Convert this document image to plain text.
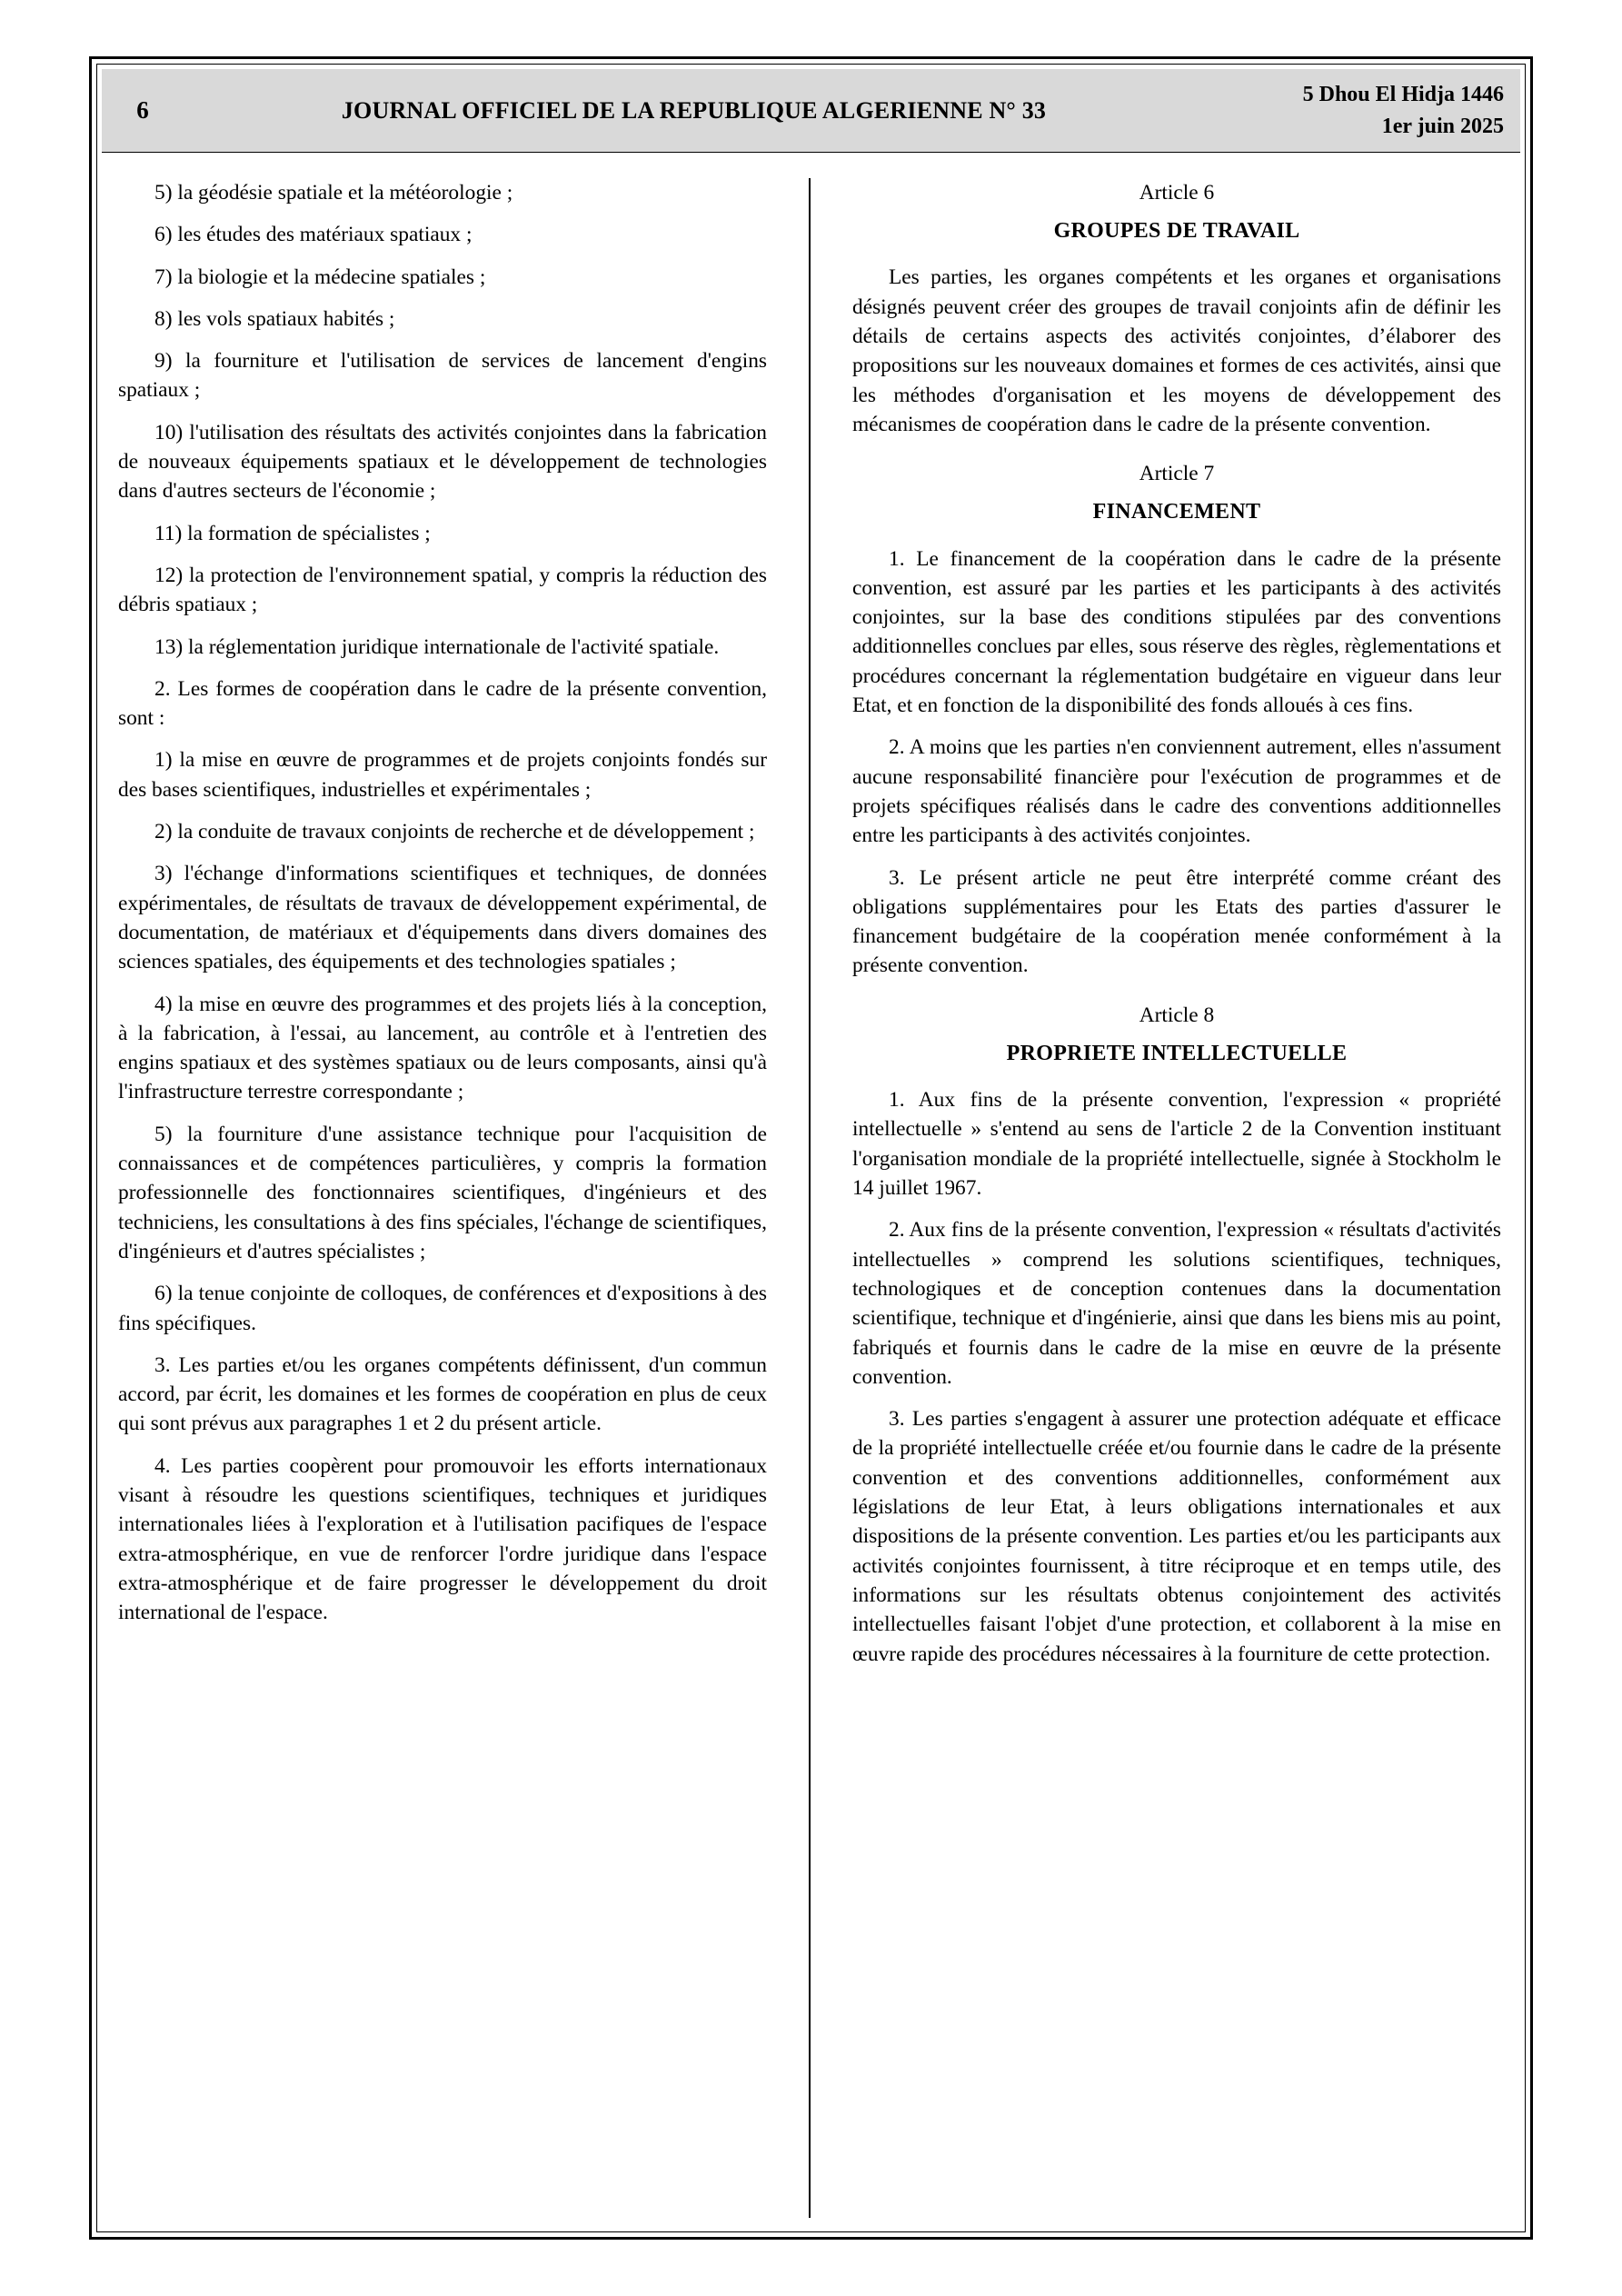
6	JOURNAL OFFICIEL DE LA REPUBLIQUE ALGERIENNE N° 33
5 Dhou El Hidja 1446
1er juin 2025

5) la géodésie spatiale et la météorologie ;

6) les études des matériaux spatiaux ;

7) la biologie et la médecine spatiales ;

8) les vols spatiaux habités ;

9) la fourniture et l'utilisation de services de lancement d'engins spatiaux ;

10) l'utilisation des résultats des activités conjointes dans la fabrication de nouveaux équipements spatiaux et le développement de technologies dans d'autres secteurs de l'économie ;

11) la formation de spécialistes ;

12) la protection de l'environnement spatial, y compris la réduction des débris spatiaux ;

13) la réglementation juridique internationale de l'activité spatiale.

2. Les formes de coopération dans le cadre de la présente convention, sont :

1) la mise en œuvre de programmes et de projets conjoints fondés sur des bases scientifiques, industrielles et expérimentales ;

2) la conduite de travaux conjoints de recherche et de développement ;

3) l'échange d'informations scientifiques et techniques, de données expérimentales, de résultats de travaux de développement expérimental, de documentation, de matériaux et d'équipements dans divers domaines des sciences spatiales, des équipements et des technologies spatiales ;

4) la mise en œuvre des programmes et des projets liés à la conception, à la fabrication, à l'essai, au lancement, au contrôle et à l'entretien des engins spatiaux et des systèmes spatiaux ou de leurs composants, ainsi qu'à l'infrastructure terrestre correspondante ;

5) la fourniture d'une assistance technique pour l'acquisition de connaissances et de compétences particulières, y compris la formation professionnelle des fonctionnaires scientifiques, d'ingénieurs et des techniciens, les consultations à des fins spéciales, l'échange de scientifiques, d'ingénieurs et d'autres spécialistes ;

6) la tenue conjointe de colloques, de conférences et d'expositions à des fins spécifiques.

3. Les parties et/ou les organes compétents définissent, d'un commun accord, par écrit, les domaines et les formes de coopération en plus de ceux qui sont prévus aux paragraphes 1 et 2 du présent article.

4. Les parties coopèrent pour promouvoir les efforts internationaux visant à résoudre les questions scientifiques, techniques et juridiques internationales liées à l'exploration et à l'utilisation pacifiques de l'espace extra-atmosphérique, en vue de renforcer l'ordre juridique dans l'espace extra-atmosphérique et de faire progresser le développement du droit international de l'espace.

Article 6

GROUPES DE TRAVAIL

Les parties, les organes compétents et les organes et organisations désignés peuvent créer des groupes de travail conjoints afin de définir les détails de certains aspects des activités conjointes, d’élaborer des propositions sur les nouveaux domaines et formes de ces activités, ainsi que les méthodes d'organisation et les moyens de développement des mécanismes de coopération dans le cadre de la présente convention.

Article 7

FINANCEMENT

1. Le financement de la coopération dans le cadre de la présente convention, est assuré par les parties et les participants à des activités conjointes, sur la base des conditions stipulées par des conventions additionnelles conclues par elles, sous réserve des règles, règlementations et procédures concernant la réglementation budgétaire en vigueur dans leur Etat, et en fonction de la disponibilité des fonds alloués à ces fins.

2. A moins que les parties n'en conviennent autrement, elles n'assument aucune responsabilité financière pour l'exécution de programmes et de projets spécifiques réalisés dans le cadre des conventions additionnelles entre les participants à des activités conjointes.

3. Le présent article ne peut être interprété comme créant des obligations supplémentaires pour les Etats des parties d'assurer le financement budgétaire de la coopération menée conformément à la présente convention.

Article 8

PROPRIETE INTELLECTUELLE

1. Aux fins de la présente convention, l'expression « propriété intellectuelle » s'entend au sens de l'article 2 de la Convention instituant l'organisation mondiale de la propriété intellectuelle, signée à Stockholm le 14 juillet 1967.

2. Aux fins de la présente convention, l'expression « résultats d'activités intellectuelles » comprend les solutions scientifiques, techniques, technologiques et de conception contenues dans la documentation scientifique, technique et d'ingénierie, ainsi que dans les biens mis au point, fabriqués et fournis dans le cadre de la mise en œuvre de la présente convention.

3. Les parties s'engagent à assurer une protection adéquate et efficace de la propriété intellectuelle créée et/ou fournie dans le cadre de la présente convention et des conventions additionnelles, conformément aux législations de leur Etat, à leurs obligations internationales et aux dispositions de la présente convention. Les parties et/ou les participants aux activités conjointes fournissent, à titre réciproque et en temps utile, des informations sur les résultats obtenus conjointement des activités intellectuelles faisant l'objet d'une protection, et collaborent à la mise en œuvre rapide des procédures nécessaires à la fourniture de cette protection.
